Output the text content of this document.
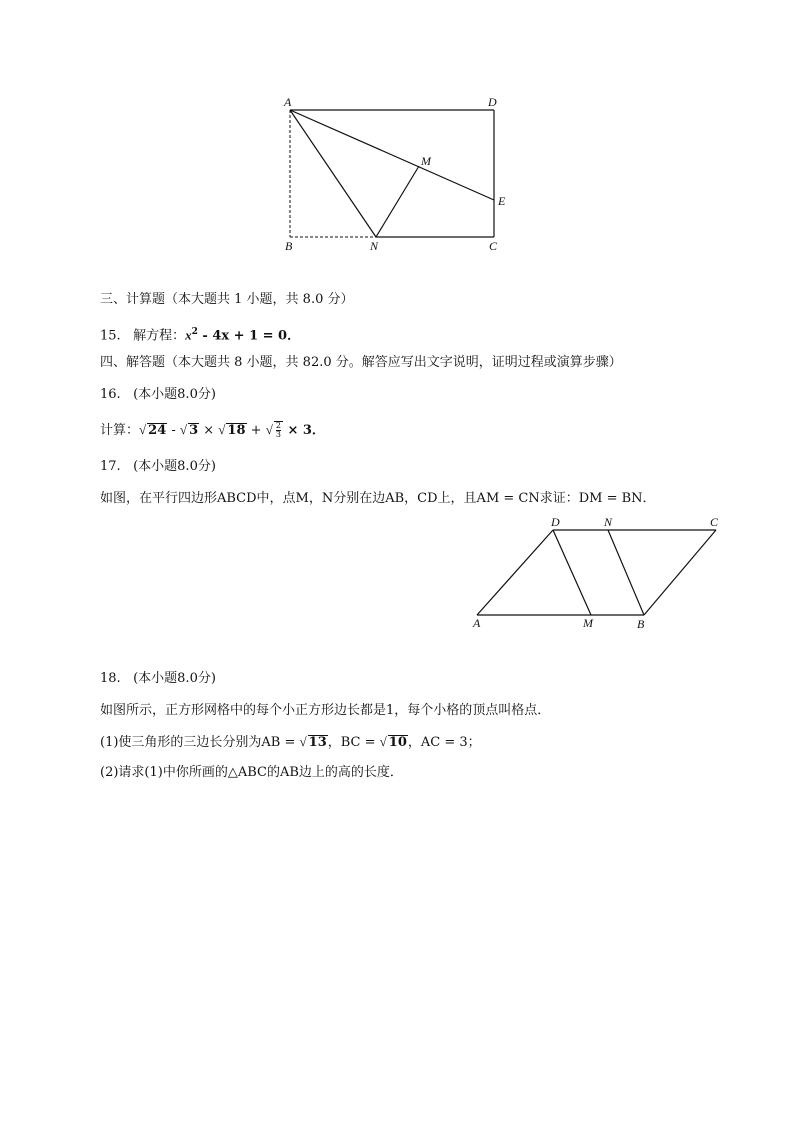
A	D
M
E
B	N	C
三、计算题（本大题共 1 小题，共 8.0 分）
15. 解方程：$x^2 - 4x + 1 = 0$．
四、解答题（本大题共 8 小题，共 82.0 分。解答应写出文字说明，证明过程或演算步骤）
16. (本小题8.0分)
计算：√ 24 - √ 3 × √ 18 + √ $\frac{2}{3} \times 3$．
17. (本小题8.0分)
如图，在平行四边形ABCD中，点M，N分别在边AB，CD上，且AM = CN求证：DM = BN．
D	N	C
A	M	B
18. (本小题8.0分)
如图所示，正方形网格中的每个小正方形边长都是1，每个小格的顶点叫格点．
(1)使三角形的三边长分别为AB = √ 13，BC = √ 10，AC = 3；
(2)请求(1)中你所画的△ABC的AB边上的高的长度．
